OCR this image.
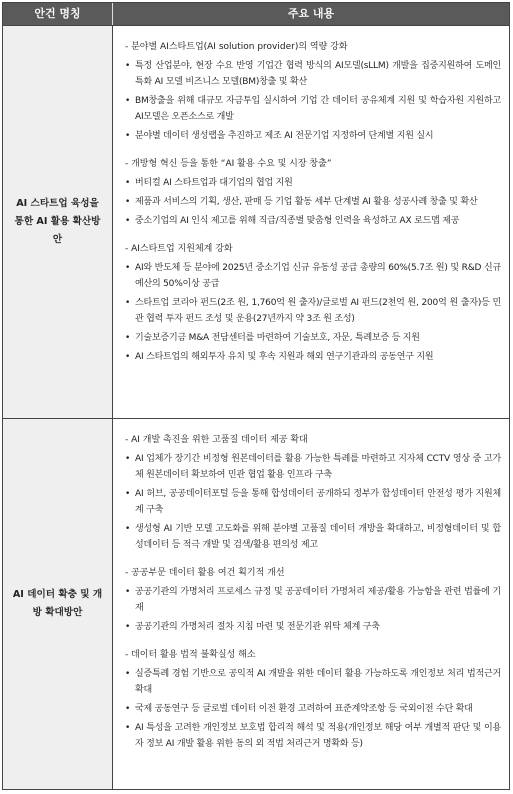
안건 명칭	주요 내용
AI 스타트업 육성을 통한 AI 활용 확산방안
- 분야별 AI스타트업(AI solution provider)의 역량 강화
• 특정 산업분야, 현장 수요 반영 기업간 협력 방식의 AI모델(sLLM) 개발을 집중지원하여 도메인 특화 AI 모델 비즈니스 모델(BM)창출 및 확산
• BM창출을 위해 대규모 자금투입 실시하여 기업 간 데이터 공유체계 지원 및 학습자원 지원하고 AI모델은 오픈소스로 개발
• 분야별 데이터 생성랩을 추진하고 제조 AI 전문기업 지정하여 단계별 지원 실시
- 개방형 혁신 등을 통한 “AI 활용 수요 및 시장 창출”
• 버티컬 AI 스타트업과 대기업의 협업 지원
• 제품과 서비스의 기획, 생산, 판매 등 기업 활동 세부 단계별 AI 활용 성공사례 창출 및 확산
• 중소기업의 AI 인식 제고를 위해 직급/직종별 맞춤형 인력을 육성하고 AX 로드맵 제공
- AI스타트업 지원체계 강화
• AI와 반도체 등 분야에 2025년 중소기업 신규 유동성 공급 총량의 60%(5.7조 원) 및 R&D 신규 예산의 50%이상 공급
• 스타트업 코리아 펀드(2조 원, 1,760억 원 출자)/글로벌 AI 펀드(2천억 원, 200억 원 출자)등 민관 협력 투자 펀드 조성 및 운용(27년까지 약 3조 원 조성)
• 기술보증기금 M&A 전담센터를 마련하여 기술보호, 자문, 특례보증 등 지원
• AI 스타트업의 해외투자 유치 및 후속 지원과 해외 연구기관과의 공동연구 지원
AI 데이터 확충 및 개방 확대방안
- AI 개발 촉진을 위한 고품질 데이터 제공 확대
• AI 업체가 장기간 비정형 원본데이터를 활용 가능한 특례를 마련하고 지자체 CCTV 영상 중 고가체 원본데이터 확보하여 민관 협업 활용 인프라 구축
• AI 허브, 공공데이터포털 등을 통해 합성데이터 공개하되 정부가 합성데이터 안전성 평가 지원체계 구축
• 생성형 AI 기반 모델 고도화를 위해 분야별 고품질 데이터 개방을 확대하고, 비정형데이터 및 합성데이터 등 적극 개발 및 검색/활용 편의성 제고
- 공공부문 데이터 활용 여건 획기적 개선
• 공공기관의 가명처리 프로세스 규정 및 공공데이터 가명처리 제공/활용 가능함을 관련 법률에 기재
• 공공기관의 가명처리 절차 지침 마련 및 전문기관 위탁 체계 구축
- 데이터 활용 법적 불확실성 해소
• 실증특례 경험 기반으로 공익적 AI 개발을 위한 데이터 활용 가능하도록 개인정보 처리 법적근거 확대
• 국제 공동연구 등 글로벌 데이터 이전 환경 고려하여 표준계약조항 등 국외이전 수단 확대
• AI 특성을 고려한 개인정보 보호법 합리적 해석 및 적용(개인정보 해당 여부 개별적 판단 및 이용자 정보 AI 개발 활용 위한 동의 외 적법 처리근거 명확화 등)
